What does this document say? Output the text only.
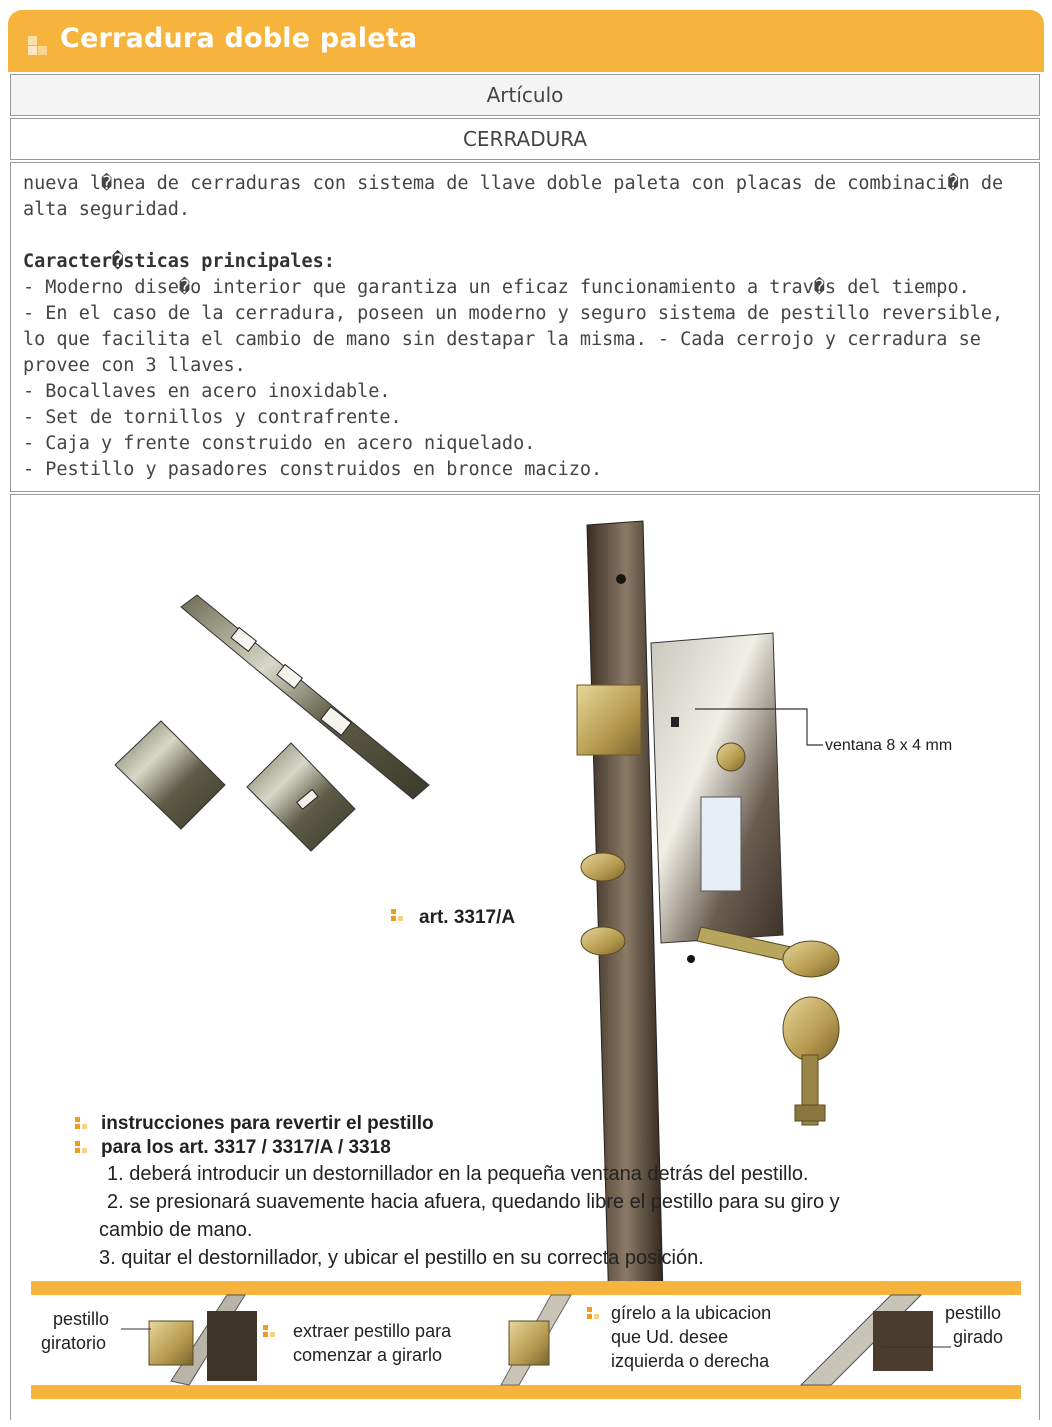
Cerradura doble paleta
Artículo
CERRADURA

nueva l�nea de cerraduras con sistema de llave doble paleta con placas de combinaci�n de alta seguridad.

Caracter�sticas principales:

- Moderno dise�o interior que garantiza un eficaz funcionamiento a trav�s del tiempo.

- En el caso de la cerradura, poseen un moderno y seguro sistema de pestillo reversible, lo que facilita el cambio de mano sin destapar la misma. - Cada cerrojo y cerradura se provee con 3 llaves.

- Bocallaves en acero inoxidable.

- Set de tornillos y contrafrente.

- Caja y frente construido en acero niquelado.

- Pestillo y pasadores construidos en bronce macizo.

ventana 8 x 4 mm
art. 3317/A
instrucciones para revertir el pestillo
para los art. 3317 / 3317/A / 3318
1. deberá introducir un destornillador en la pequeña ventana detrás del pestillo.
2. se presionará suavemente hacia afuera, quedando libre el pestillo para su giro y
cambio de mano.
3. quitar el destornillador, y ubicar el pestillo en su correcta posición.
pestillo
giratorio
extraer pestillo para
comenzar a girarlo
gírelo a la ubicacion
que Ud. desee
izquierda o derecha
pestillo
girado
